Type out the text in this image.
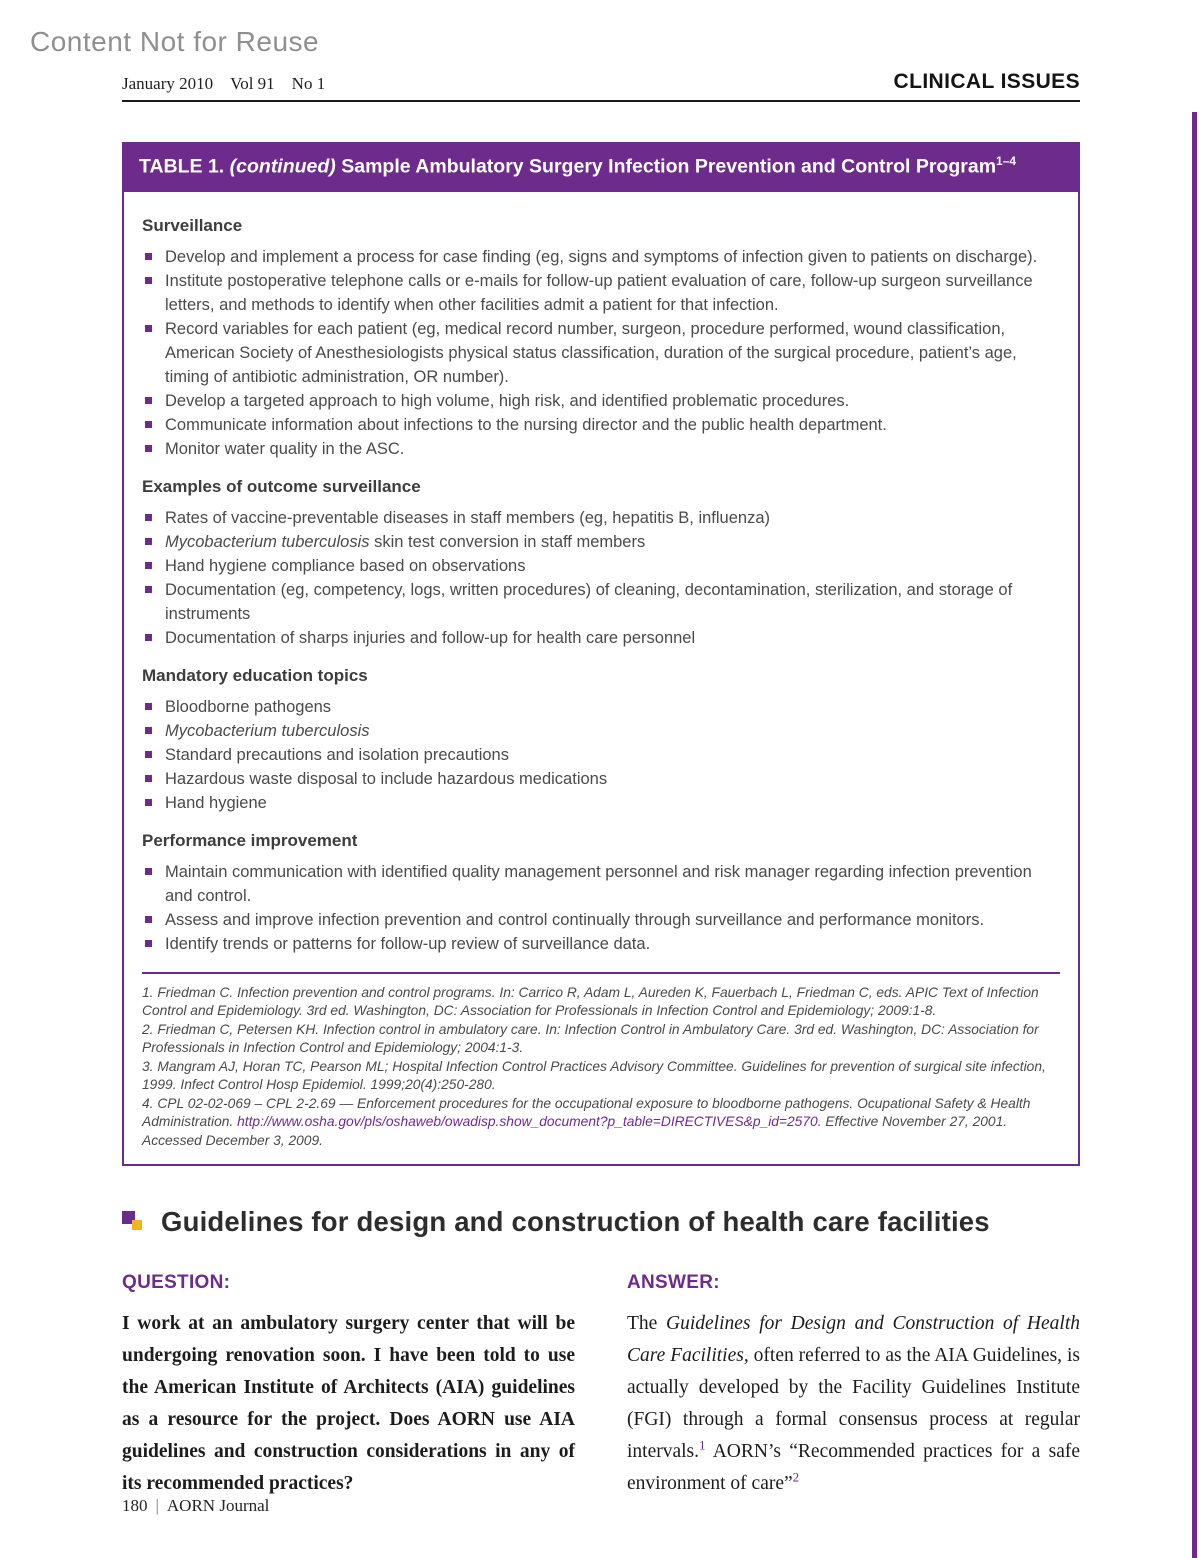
Content Not for Reuse
January 2010 Vol 91 No 1	CLINICAL ISSUES
TABLE 1. (continued) Sample Ambulatory Surgery Infection Prevention and Control Program$^{1-4}$
Surveillance
Develop and implement a process for case finding (eg, signs and symptoms of infection given to patients on discharge).
Institute postoperative telephone calls or e-mails for follow-up patient evaluation of care, follow-up surgeon surveillance letters, and methods to identify when other facilities admit a patient for that infection.
Record variables for each patient (eg, medical record number, surgeon, procedure performed, wound classification, American Society of Anesthesiologists physical status classification, duration of the surgical procedure, patient’s age, timing of antibiotic administration, OR number).
Develop a targeted approach to high volume, high risk, and identified problematic procedures.
Communicate information about infections to the nursing director and the public health department.
Monitor water quality in the ASC.
Examples of outcome surveillance
Rates of vaccine-preventable diseases in staff members (eg, hepatitis B, influenza)
Mycobacterium tuberculosis skin test conversion in staff members
Hand hygiene compliance based on observations
Documentation (eg, competency, logs, written procedures) of cleaning, decontamination, sterilization, and storage of instruments
Documentation of sharps injuries and follow-up for health care personnel
Mandatory education topics
Bloodborne pathogens
Mycobacterium tuberculosis
Standard precautions and isolation precautions
Hazardous waste disposal to include hazardous medications
Hand hygiene
Performance improvement
Maintain communication with identified quality management personnel and risk manager regarding infection prevention and control.
Assess and improve infection prevention and control continually through surveillance and performance monitors.
Identify trends or patterns for follow-up review of surveillance data.

1. Friedman C. Infection prevention and control programs. In: Carrico R, Adam L, Aureden K, Fauerbach L, Friedman C, eds. APIC Text of Infection Control and Epidemiology. 3rd ed. Washington, DC: Association for Professionals in Infection Control and Epidemiology; 2009:1-8.

2. Friedman C, Petersen KH. Infection control in ambulatory care. In: Infection Control in Ambulatory Care. 3rd ed. Washington, DC: Association for Professionals in Infection Control and Epidemiology; 2004:1-3.

3. Mangram AJ, Horan TC, Pearson ML; Hospital Infection Control Practices Advisory Committee. Guidelines for prevention of surgical site infection, 1999. Infect Control Hosp Epidemiol. 1999;20(4):250-280.

4. CPL 02-02-069 – CPL 2-2.69 — Enforcement procedures for the occupational exposure to bloodborne pathogens. Ocupational Safety & Health Administration. http://www.osha.gov/pls/oshaweb/owadisp.show_document?p_table=DIRECTIVES&p_id=2570. Effective November 27, 2001. Accessed December 3, 2009.

Guidelines for design and construction of health care facilities
QUESTION:

I work at an ambulatory surgery center that will be undergoing renovation soon. I have been told to use the American Institute of Architects (AIA) guidelines as a resource for the project. Does AORN use AIA guidelines and construction considerations in any of its recommended practices?

ANSWER:

The Guidelines for Design and Construction of Health Care Facilities, often referred to as the AIA Guidelines, is actually developed by the Facility Guidelines Institute (FGI) through a formal consensus process at regular intervals.$^1$ AORN’s “Recommended practices for a safe environment of care”$^2$

180 | AORN Journal
